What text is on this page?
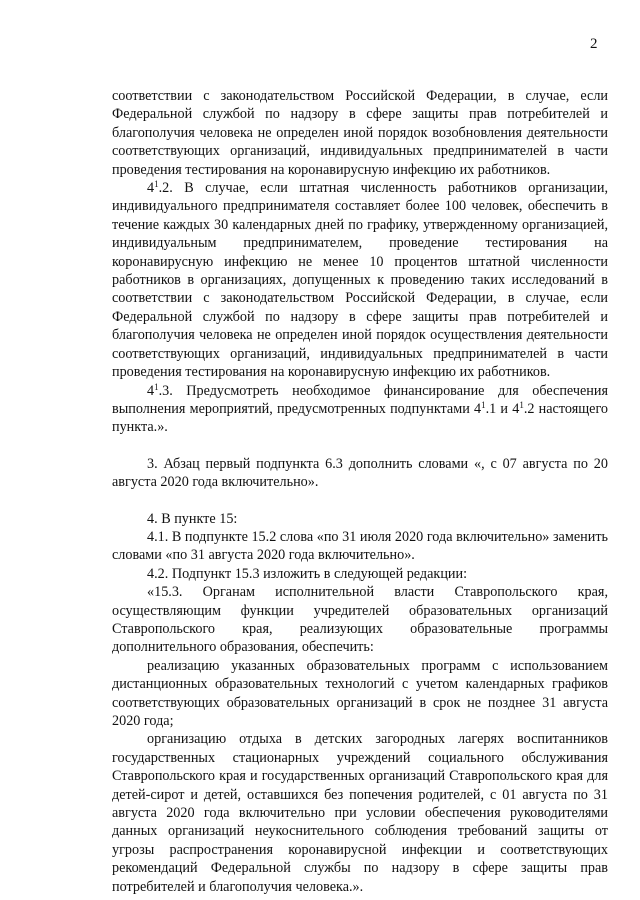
2

соответствии с законодательством Российской Федерации, в случае, если Федеральной службой по надзору в сфере защиты прав потребителей и благополучия человека не определен иной порядок возобновления деятельности соответствующих организаций, индивидуальных предпринимателей в части проведения тестирования на коронавирусную инфекцию их работников.

$4^1.2$. В случае, если штатная численность работников организации, индивидуального предпринимателя составляет более 100 человек, обеспечить в течение каждых 30 календарных дней по графику, утвержденному организацией, индивидуальным предпринимателем, проведение тестирования на коронавирусную инфекцию не менее 10 процентов штатной численности работников в организациях, допущенных к проведению таких исследований в соответствии с законодательством Российской Федерации, в случае, если Федеральной службой по надзору в сфере защиты прав потребителей и благополучия человека не определен иной порядок осуществления деятельности соответствующих организаций, индивидуальных предпринимателей в части проведения тестирования на коронавирусную инфекцию их работников.

$4^1.3$. Предусмотреть необходимое финансирование для обеспечения выполнения мероприятий, предусмотренных подпунктами $4^1.1$ и $4^1.2$ настоящего пункта.».

3. Абзац первый подпункта 6.3 дополнить словами «, с 07 августа по 20 августа 2020 года включительно».

4. В пункте 15:

4.1. В подпункте 15.2 слова «по 31 июля 2020 года включительно» заменить словами «по 31 августа 2020 года включительно».

4.2. Подпункт 15.3 изложить в следующей редакции:

«15.3. Органам исполнительной власти Ставропольского края, осуществляющим функции учредителей образовательных организаций Ставропольского края, реализующих образовательные программы дополнительного образования, обеспечить:

реализацию указанных образовательных программ с использованием дистанционных образовательных технологий с учетом календарных графиков соответствующих образовательных организаций в срок не позднее 31 августа 2020 года;

организацию отдыха в детских загородных лагерях воспитанников государственных стационарных учреждений социального обслуживания Ставропольского края и государственных организаций Ставропольского края для детей-сирот и детей, оставшихся без попечения родителей, с 01 августа по 31 августа 2020 года включительно при условии обеспечения руководителями данных организаций неукоснительного соблюдения требований защиты от угрозы распространения коронавирусной инфекции и соответствующих рекомендаций Федеральной службы по надзору в сфере защиты прав потребителей и благополучия человека.».
